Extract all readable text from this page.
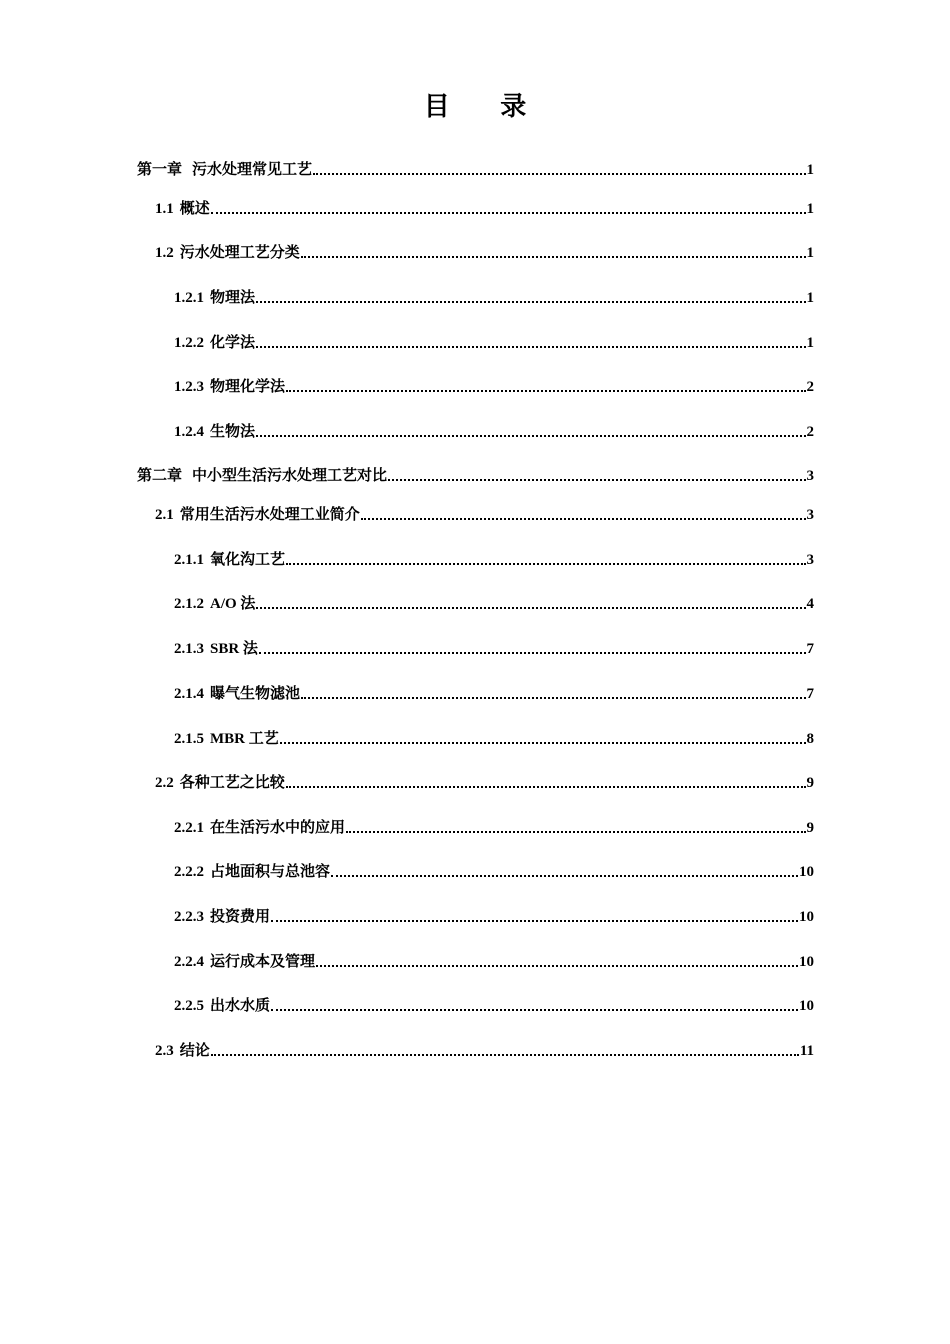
目 录
第一章 污水处理常见工艺	1
1.1 概述	1
1.2 污水处理工艺分类	1
1.2.1 物理法	1
1.2.2 化学法	1
1.2.3 物理化学法	2
1.2.4 生物法	2
第二章 中小型生活污水处理工艺对比	3
2.1 常用生活污水处理工业简介	3
2.1.1 氧化沟工艺	3
2.1.2 A/O 法	4
2.1.3 SBR 法	7
2.1.4 曝气生物滤池	7
2.1.5 MBR 工艺	8
2.2 各种工艺之比较	9
2.2.1 在生活污水中的应用	9
2.2.2 占地面积与总池容	10
2.2.3 投资费用	10
2.2.4 运行成本及管理	10
2.2.5 出水水质	10
2.3 结论	11
